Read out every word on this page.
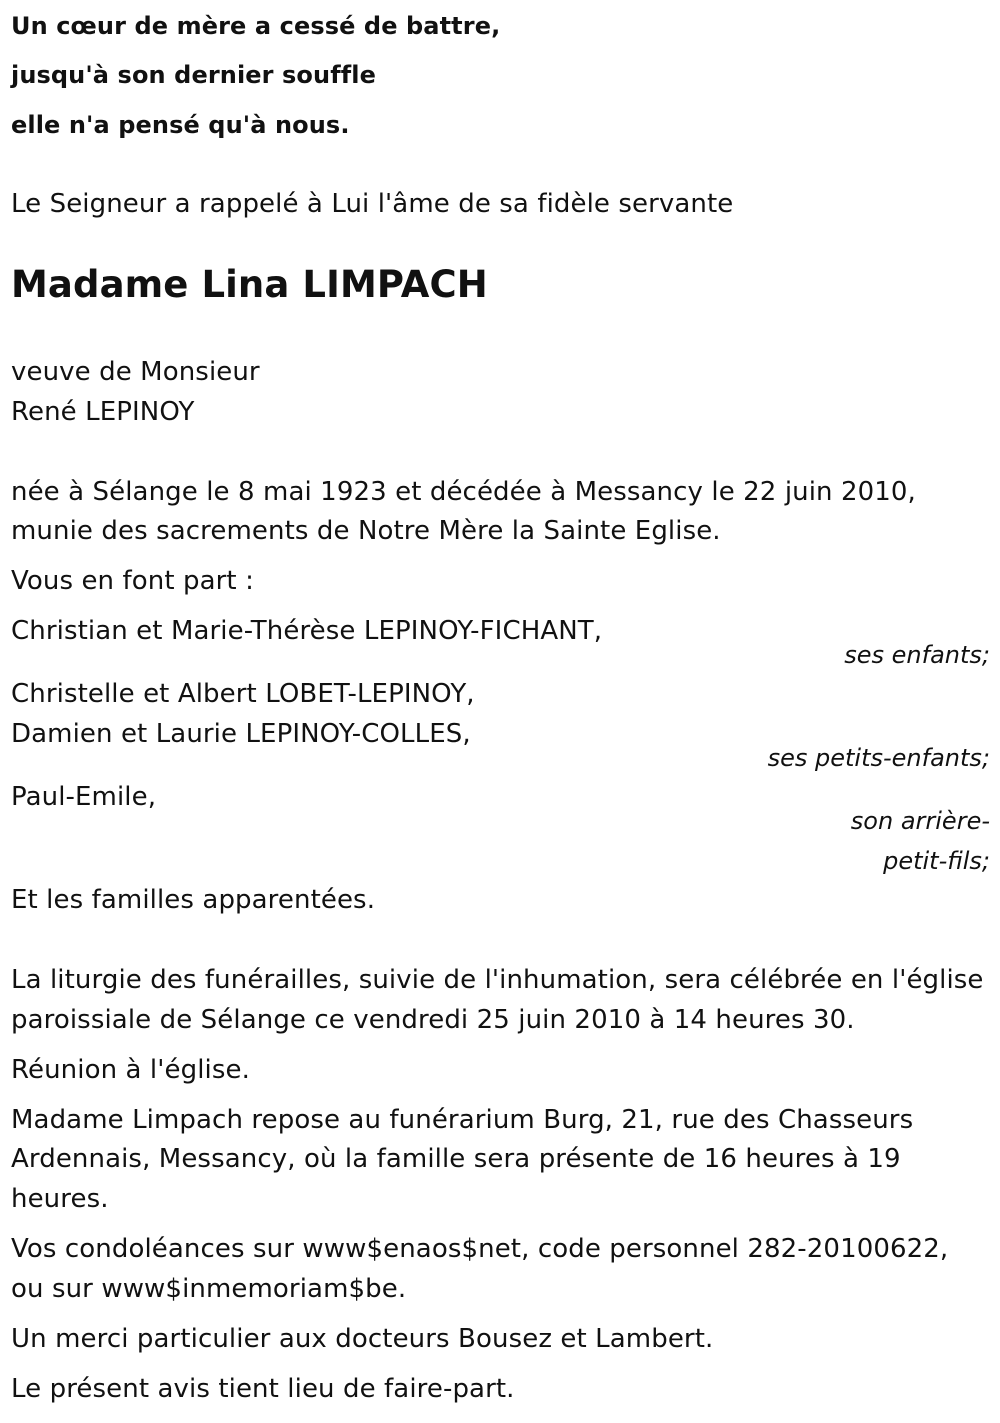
Un cœur de mère a cessé de battre,
jusqu'à son dernier souffle
elle n'a pensé qu'à nous.
Le Seigneur a rappelé à Lui l'âme de sa fidèle servante
Madame Lina LIMPACH
veuve de Monsieur
René LEPINOY
née à Sélange le 8 mai 1923 et décédée à Messancy le 22 juin 2010,
munie des sacrements de Notre Mère la Sainte Eglise.
Vous en font part :
Christian et Marie-Thérèse LEPINOY-FICHANT,
ses enfants;
Christelle et Albert LOBET-LEPINOY,
Damien et Laurie LEPINOY-COLLES,
ses petits-enfants;
Paul-Emile,
son arrière-
petit-fils;
Et les familles apparentées.
La liturgie des funérailles, suivie de l'inhumation, sera célébrée en l'église
paroissiale de Sélange ce vendredi 25 juin 2010 à 14 heures 30.
Réunion à l'église.
Madame Limpach repose au funérarium Burg, 21, rue des Chasseurs
Ardennais, Messancy, où la famille sera présente de 16 heures à 19
heures.
Vos condoléances sur www$enaos$net, code personnel 282-20100622,
ou sur www$inmemoriam$be.
Un merci particulier aux docteurs Bousez et Lambert.
Le présent avis tient lieu de faire-part.
